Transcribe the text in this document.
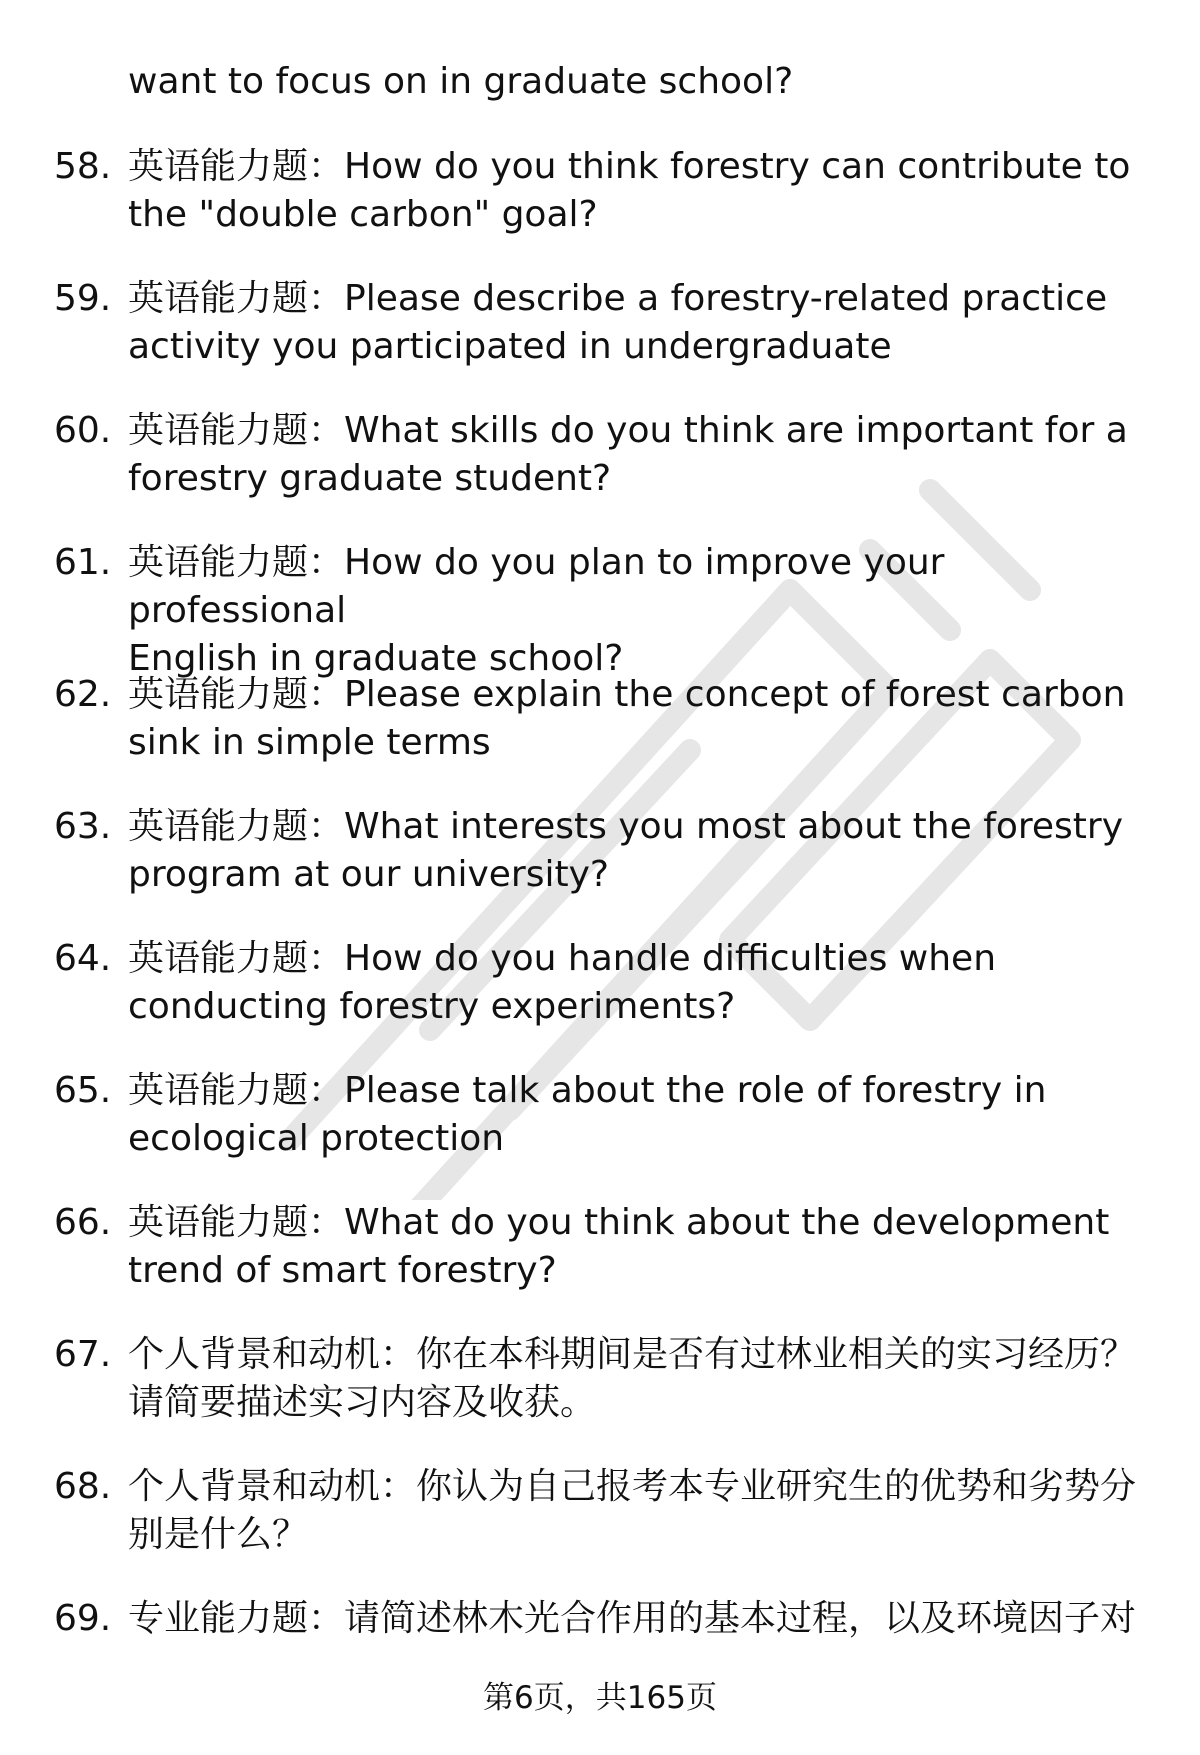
want to focus on in graduate school?
58. 英语能力题：How do you think forestry can contribute to
the "double carbon" goal?
59. 英语能力题：Please describe a forestry-related practice
activity you participated in undergraduate
60. 英语能力题：What skills do you think are important for a
forestry graduate student?
61. 英语能力题：How do you plan to improve your professional
English in graduate school?
62. 英语能力题：Please explain the concept of forest carbon
sink in simple terms
63. 英语能力题：What interests you most about the forestry
program at our university?
64. 英语能力题：How do you handle difficulties when
conducting forestry experiments?
65. 英语能力题：Please talk about the role of forestry in
ecological protection
66. 英语能力题：What do you think about the development
trend of smart forestry?
67. 个人背景和动机：你在本科期间是否有过林业相关的实习经历？
请简要描述实习内容及收获。
68. 个人背景和动机：你认为自己报考本专业研究生的优势和劣势分
别是什么？
69. 专业能力题：请简述林木光合作用的基本过程，以及环境因子对
第6页，共165页
